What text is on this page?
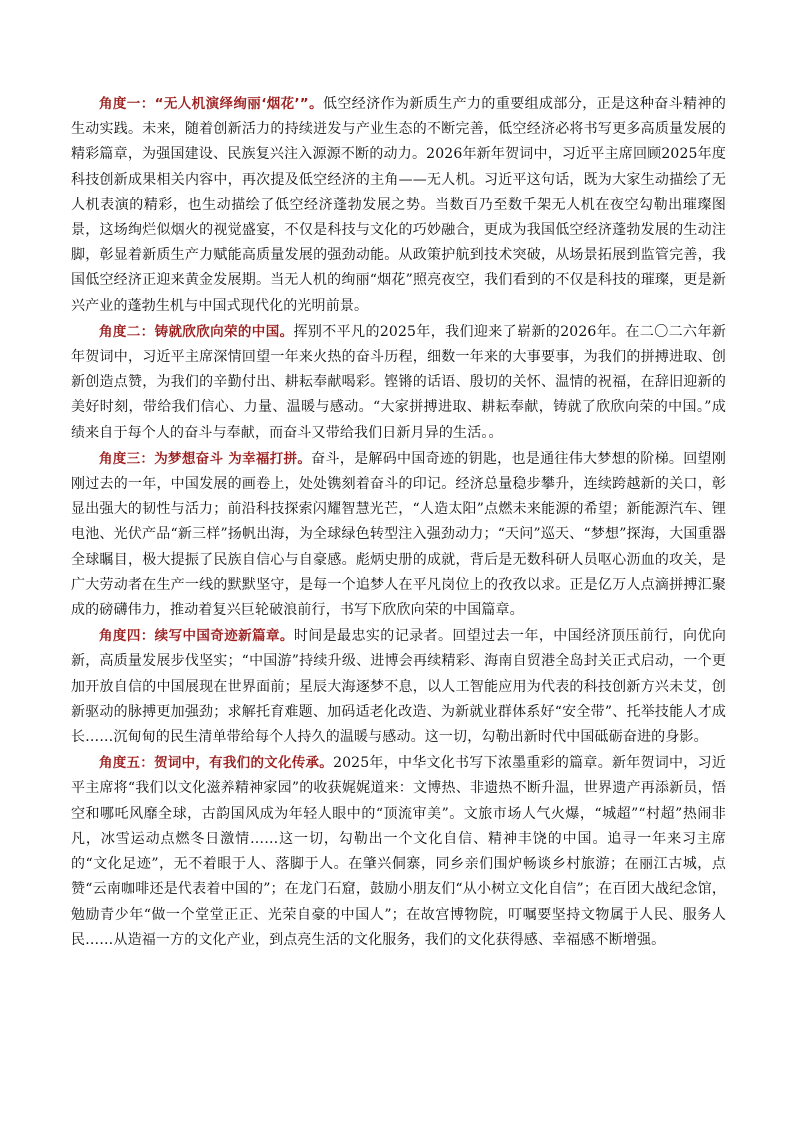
角度一：“无人机演绎绚丽‘烟花’”。低空经济作为新质生产力的重要组成部分，正是这种奋斗精神的生动实践。未来，随着创新活力的持续迸发与产业生态的不断完善，低空经济必将书写更多高质量发展的精彩篇章，为强国建设、民族复兴注入源源不断的动力。2026年新年贺词中，习近平主席回顾2025年度科技创新成果相关内容中，再次提及低空经济的主角——无人机。习近平这句话，既为大家生动描绘了无人机表演的精彩，也生动描绘了低空经济蓬勃发展之势。当数百乃至数千架无人机在夜空勾勒出璀璨图景，这场绚烂似烟火的视觉盛宴，不仅是科技与文化的巧妙融合，更成为我国低空经济蓬勃发展的生动注脚，彰显着新质生产力赋能高质量发展的强劲动能。从政策护航到技术突破，从场景拓展到监管完善，我国低空经济正迎来黄金发展期。当无人机的绚丽“烟花”照亮夜空，我们看到的不仅是科技的璀璨，更是新兴产业的蓬勃生机与中国式现代化的光明前景。

角度二：铸就欣欣向荣的中国。挥别不平凡的2025年，我们迎来了崭新的2026年。在二〇二六年新年贺词中，习近平主席深情回望一年来火热的奋斗历程，细数一年来的大事要事，为我们的拼搏进取、创新创造点赞，为我们的辛勤付出、耕耘奉献喝彩。铿锵的话语、殷切的关怀、温情的祝福，在辞旧迎新的美好时刻，带给我们信心、力量、温暖与感动。“大家拼搏进取、耕耘奉献，铸就了欣欣向荣的中国。”成绩来自于每个人的奋斗与奉献，而奋斗又带给我们日新月异的生活。。

角度三：为梦想奋斗 为幸福打拼。奋斗，是解码中国奇迹的钥匙，也是通往伟大梦想的阶梯。回望刚刚过去的一年，中国发展的画卷上，处处镌刻着奋斗的印记。经济总量稳步攀升，连续跨越新的关口，彰显出强大的韧性与活力；前沿科技探索闪耀智慧光芒，“人造太阳”点燃未来能源的希望；新能源汽车、锂电池、光伏产品“新三样”扬帆出海，为全球绿色转型注入强劲动力；“天问”巡天、“梦想”探海，大国重器全球瞩目，极大提振了民族自信心与自豪感。彪炳史册的成就，背后是无数科研人员呕心沥血的攻关，是广大劳动者在生产一线的默默坚守，是每一个追梦人在平凡岗位上的孜孜以求。正是亿万人点滴拼搏汇聚成的磅礴伟力，推动着复兴巨轮破浪前行，书写下欣欣向荣的中国篇章。

角度四：续写中国奇迹新篇章。时间是最忠实的记录者。回望过去一年，中国经济顶压前行，向优向新，高质量发展步伐坚实；“中国游”持续升级、进博会再续精彩、海南自贸港全岛封关正式启动，一个更加开放自信的中国展现在世界面前；星辰大海逐梦不息，以人工智能应用为代表的科技创新方兴未艾，创新驱动的脉搏更加强劲；求解托育难题、加码适老化改造、为新就业群体系好“安全带”、托举技能人才成长……沉甸甸的民生清单带给每个人持久的温暖与感动。这一切，勾勒出新时代中国砥砺奋进的身影。

角度五：贺词中，有我们的文化传承。2025年，中华文化书写下浓墨重彩的篇章。新年贺词中，习近平主席将“我们以文化滋养精神家园”的收获娓娓道来：文博热、非遗热不断升温，世界遗产再添新员，悟空和哪吒风靡全球，古韵国风成为年轻人眼中的“顶流审美”。文旅市场人气火爆，“城超”“村超”热闹非凡，冰雪运动点燃冬日激情……这一切，勾勒出一个文化自信、精神丰饶的中国。追寻一年来习主席的“文化足迹”，无不着眼于人、落脚于人。在肇兴侗寨，同乡亲们围炉畅谈乡村旅游；在丽江古城，点赞“云南咖啡还是代表着中国的”；在龙门石窟，鼓励小朋友们“从小树立文化自信”；在百团大战纪念馆，勉励青少年“做一个堂堂正正、光荣自豪的中国人”；在故宫博物院，叮嘱要坚持文物属于人民、服务人民……从造福一方的文化产业，到点亮生活的文化服务，我们的文化获得感、幸福感不断增强。
